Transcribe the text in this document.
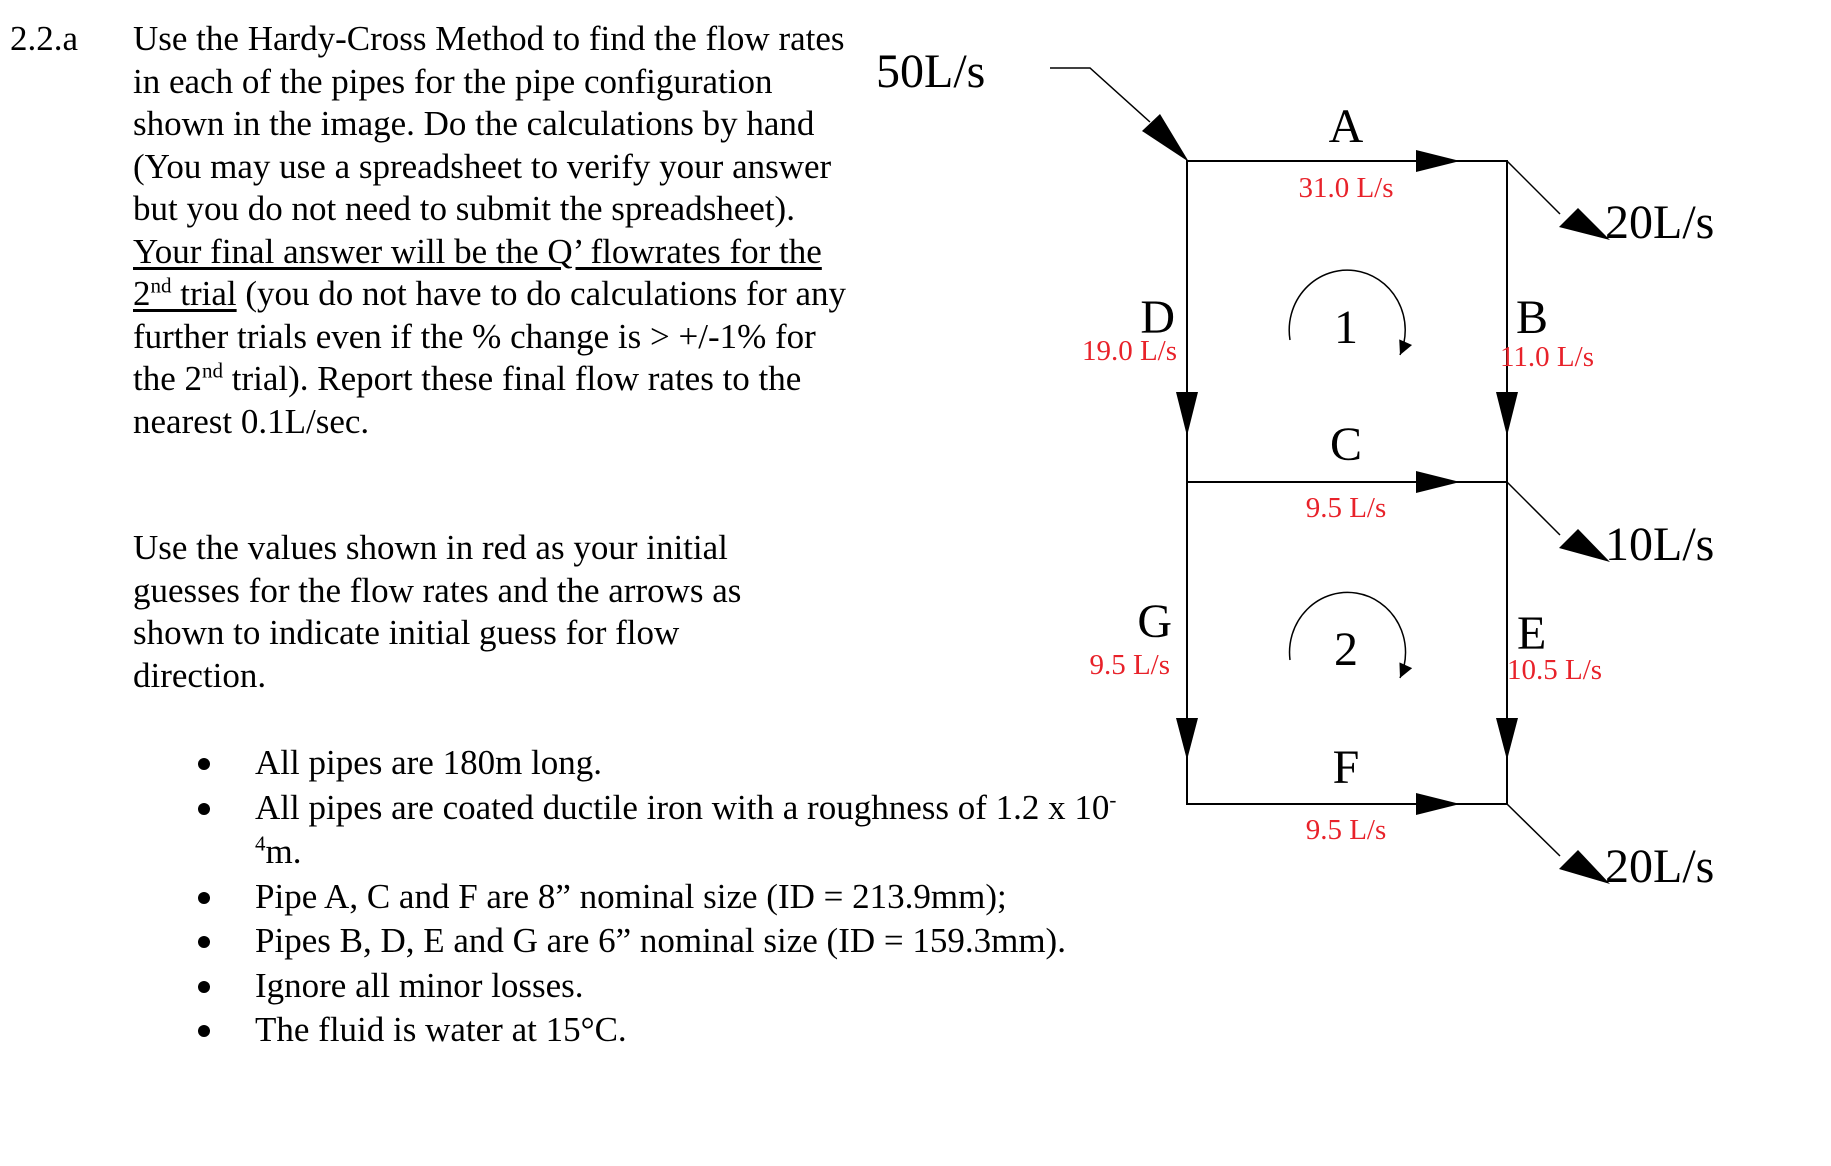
2.2.a Use the Hardy-Cross Method to find the flow rates in each of the pipes for the pipe configuration shown in the image. Do the calculations by hand (You may use a spreadsheet to verify your answer but you do not need to submit the spreadsheet). Your final answer will be the Q’ flowrates for the 2nd trial (you do not have to do calculations for any further trials even if the % change is > +/-1% for the 2nd trial). Report these final flow rates to the nearest 0.1L/sec.

Use the values shown in red as your initial guesses for the flow rates and the arrows as shown to indicate initial guess for flow direction.

All pipes are 180m long.
All pipes are coated ductile iron with a roughness of 1.2 x $10^{-4}m$.
Pipe A, C and F are 8” nominal size (ID = 213.9mm);
Pipes B, D, E and G are 6” nominal size (ID = 159.3mm).
Ignore all minor losses.
The fluid is water at 15°C.
50L/s
20L/s
10L/s
20L/s
A
31.0 L/s
B
11.0 L/s
C
9.5 L/s
D
19.0 L/s
E
10.5 L/s
F
9.5 L/s
G
9.5 L/s
1
2
